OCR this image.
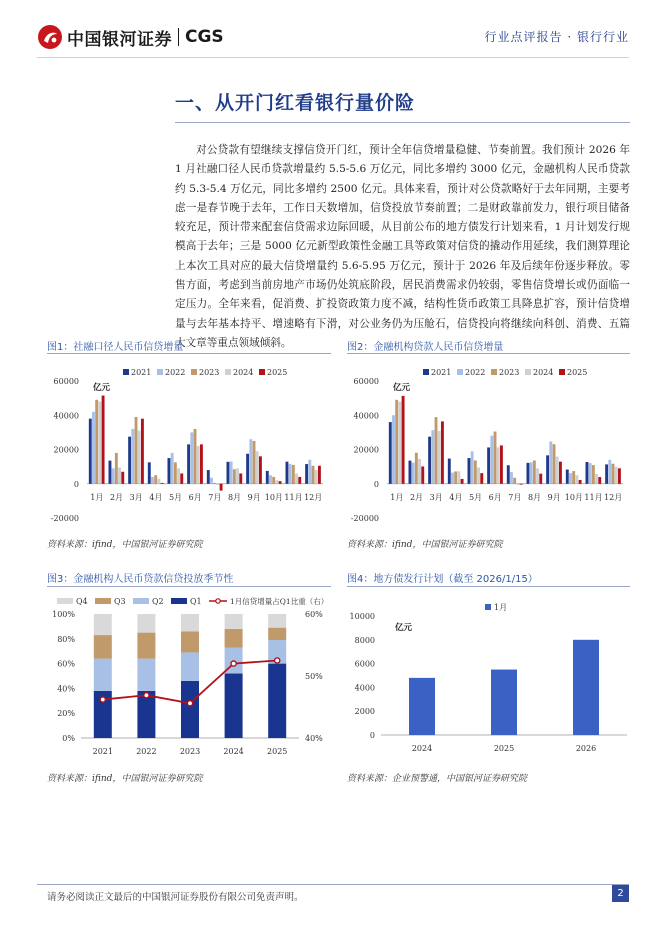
中国银河证券 CGS	行业点评报告 · 银行行业
一、从开门红看银行量价险
对公贷款有望继续支撑信贷开门红，预计全年信贷增量稳健、节奏前置。我们预计 2026 年 1 月社融口径人民币贷款增量约 5.5-5.6 万亿元，同比多增约 3000 亿元，金融机构人民币贷款约 5.3-5.4 万亿元，同比多增约 2500 亿元。具体来看，预计对公贷款略好于去年同期，主要考虑一是春节晚于去年，工作日天数增加，信贷投放节奏前置；二是财政靠前发力，银行项目储备较充足，预计带来配套信贷需求边际回暖，从目前公布的地方债发行计划来看，1 月计划发行规模高于去年；三是 5000 亿元新型政策性金融工具等政策对信贷的撬动作用延续，我们测算理论上本次工具对应的最大信贷增量约 5.6-5.95 万亿元，预计于 2026 年及后续年份逐步释放。零售方面，考虑到当前房地产市场仍处筑底阶段，居民消费需求仍较弱，零售信贷增长或仍面临一定压力。全年来看，促消费、扩投资政策力度不减，结构性货币政策工具降息扩容，预计信贷增量与去年基本持平、增速略有下滑，对公业务仍为压舱石，信贷投向将继续向科创、消费、五篇大文章等重点领域倾斜。
图1：社融口径人民币信贷增量
2021 2022 2023 2024 2025
亿元
-20000
0
20000
40000
60000
1月 2月 3月 4月 5月 6月 7月 8月 9月 10月 11月 12月
资料来源：ifind，中国银河证券研究院
图2：金融机构贷款人民币信贷增量
2021 2022 2023 2024 2025
亿元
-20000
0
20000
40000
60000
1月 2月 3月 4月 5月 6月 7月 8月 9月 10月 11月 12月
资料来源：ifind，中国银河证券研究院
图3：金融机构人民币贷款信贷投放季节性
Q4	Q3	Q2	Q1	1月信贷增量占Q1比重（右）
0%
20%
40%
60%
80%
100%
40%
50%
60%
2021	2022	2023	2024	2025
资料来源：ifind，中国银河证券研究院
图4：地方债发行计划（截至 2026/1/15）
1月
亿元
0
2000
4000
6000
8000
10000
2024	2025	2026
资料来源：企业预警通，中国银河证券研究院
请务必阅读正文最后的中国银河证券股份有限公司免责声明。	2
